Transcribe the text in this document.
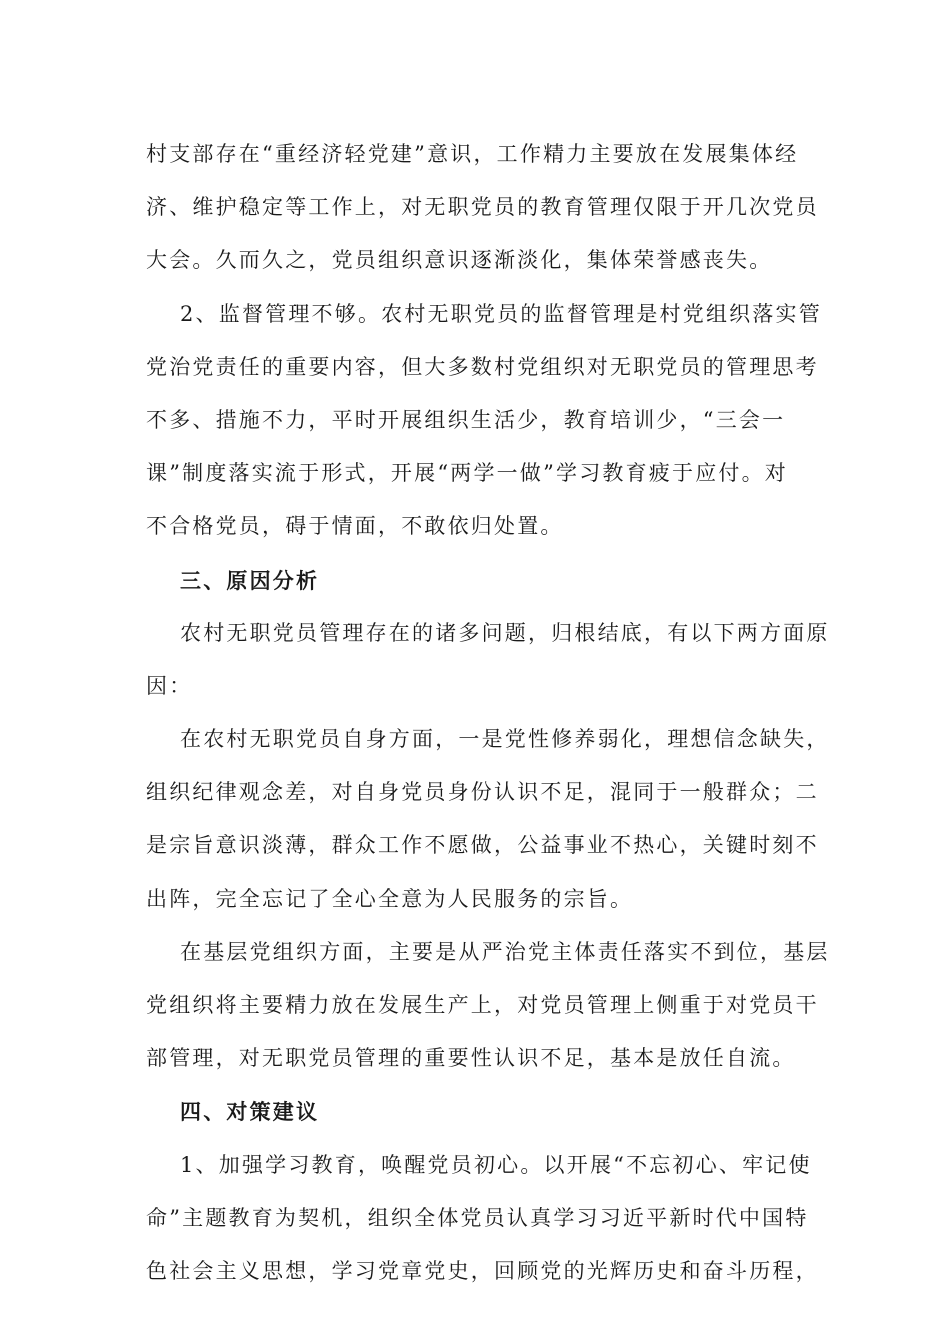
村支部存在“重经济轻党建”意识，工作精力主要放在发展集体经
济、维护稳定等工作上，对无职党员的教育管理仅限于开几次党员
大会。久而久之，党员组织意识逐渐淡化，集体荣誉感丧失。
2、监督管理不够。农村无职党员的监督管理是村党组织落实管
党治党责任的重要内容，但大多数村党组织对无职党员的管理思考
不多、措施不力，平时开展组织生活少，教育培训少，“三会一
课”制度落实流于形式，开展“两学一做”学习教育疲于应付。对
不合格党员，碍于情面，不敢依归处置。
三、原因分析
农村无职党员管理存在的诸多问题，归根结底，有以下两方面原
因：
在农村无职党员自身方面，一是党性修养弱化，理想信念缺失，
组织纪律观念差，对自身党员身份认识不足，混同于一般群众；二
是宗旨意识淡薄，群众工作不愿做，公益事业不热心，关键时刻不
出阵，完全忘记了全心全意为人民服务的宗旨。
在基层党组织方面，主要是从严治党主体责任落实不到位，基层
党组织将主要精力放在发展生产上，对党员管理上侧重于对党员干
部管理，对无职党员管理的重要性认识不足，基本是放任自流。
四、对策建议
1、加强学习教育，唤醒党员初心。以开展“不忘初心、牢记使
命”主题教育为契机，组织全体党员认真学习习近平新时代中国特
色社会主义思想，学习党章党史，回顾党的光辉历史和奋斗历程，
